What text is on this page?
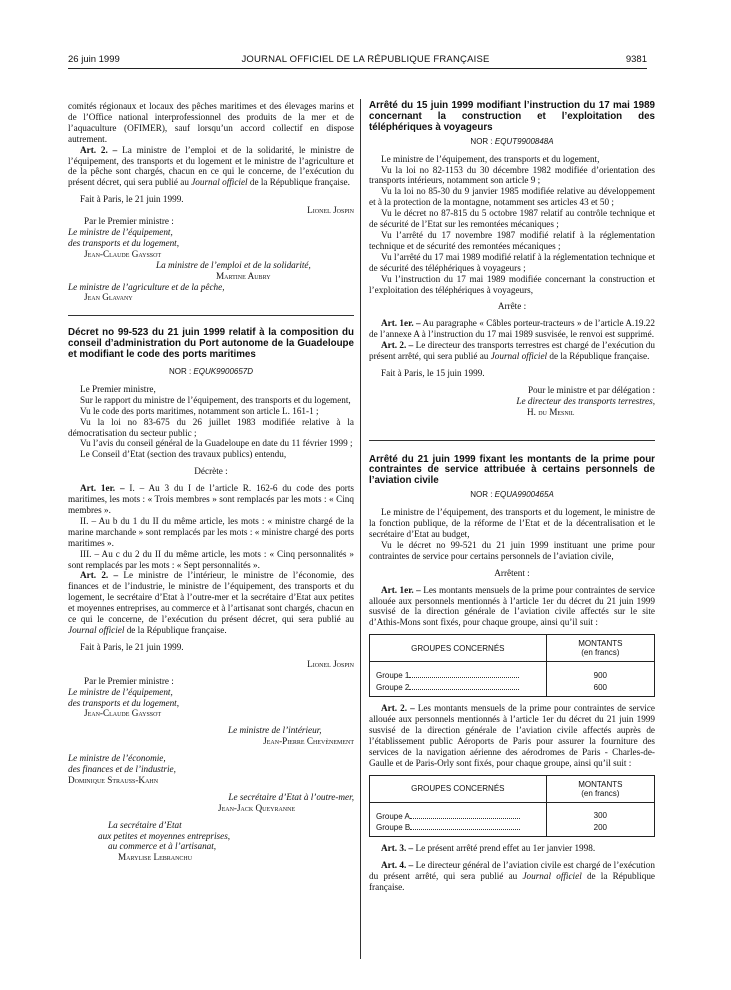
26 juin 1999	JOURNAL OFFICIEL DE LA RÉPUBLIQUE FRANÇAISE	9381

comités régionaux et locaux des pêches maritimes et des élevages marins et de l’Office national interprofessionnel des produits de la mer et de l’aquaculture (OFIMER), sauf lorsqu’un accord collectif en dispose autrement.

Art. 2. – La ministre de l’emploi et de la solidarité, le ministre de l’équipement, des transports et du logement et le ministre de l’agriculture et de la pêche sont chargés, chacun en ce qui le concerne, de l’exécution du présent décret, qui sera publié au Journal officiel de la République française.

Fait à Paris, le 21 juin 1999.

Lionel Jospin

Par le Premier ministre :

Le ministre de l’équipement,

des transports et du logement,

Jean-Claude Gayssot

La ministre de l’emploi et de la solidarité,

Martine Aubry

Le ministre de l’agriculture et de la pêche,

Jean Glavany

Décret no 99-523 du 21 juin 1999 relatif à la composition du conseil d’administration du Port autonome de la Guadeloupe et modifiant le code des ports maritimes

NOR : EQUK9900657D

Le Premier ministre,

Sur le rapport du ministre de l’équipement, des transports et du logement,

Vu le code des ports maritimes, notamment son article L. 161-1 ;

Vu la loi no 83-675 du 26 juillet 1983 modifiée relative à la démocratisation du secteur public ;

Vu l’avis du conseil général de la Guadeloupe en date du 11 février 1999 ;

Le Conseil d’Etat (section des travaux publics) entendu,

Décrète :

Art. 1er. – I. – Au 3 du I de l’article R. 162-6 du code des ports maritimes, les mots : « Trois membres » sont remplacés par les mots : « Cinq membres ».

II. – Au b du 1 du II du même article, les mots : « ministre chargé de la marine marchande » sont remplacés par les mots : « ministre chargé des ports maritimes ».

III. – Au c du 2 du II du même article, les mots : « Cinq personnalités » sont remplacés par les mots : « Sept personnalités ».

Art. 2. – Le ministre de l’intérieur, le ministre de l’économie, des finances et de l’industrie, le ministre de l’équipement, des transports et du logement, le secrétaire d’Etat à l’outre-mer et la secrétaire d’Etat aux petites et moyennes entreprises, au commerce et à l’artisanat sont chargés, chacun en ce qui le concerne, de l’exécution du présent décret, qui sera publié au Journal officiel de la République française.

Fait à Paris, le 21 juin 1999.

Lionel Jospin

Par le Premier ministre :

Le ministre de l’équipement,

des transports et du logement,

Jean-Claude Gayssot

Le ministre de l’intérieur,

Jean-Pierre Chevènement

Le ministre de l’économie,

des finances et de l’industrie,

Dominique Strauss-Kahn

Le secrétaire d’Etat à l’outre-mer,

Jean-Jack Queyranne

La secrétaire d’Etat

aux petites et moyennes entreprises,

au commerce et à l’artisanat,

Marylise Lebranchu

Arrêté du 15 juin 1999 modifiant l’instruction du 17 mai 1989 concernant la construction et l’exploitation des téléphériques à voyageurs

NOR : EQUT9900848A

Le ministre de l’équipement, des transports et du logement,

Vu la loi no 82-1153 du 30 décembre 1982 modifiée d’orientation des transports intérieurs, notamment son article 9 ;

Vu la loi no 85-30 du 9 janvier 1985 modifiée relative au développement et à la protection de la montagne, notamment ses articles 43 et 50 ;

Vu le décret no 87-815 du 5 octobre 1987 relatif au contrôle technique et de sécurité de l’Etat sur les remontées mécaniques ;

Vu l’arrêté du 17 novembre 1987 modifié relatif à la réglementation technique et de sécurité des remontées mécaniques ;

Vu l’arrêté du 17 mai 1989 modifié relatif à la réglementation technique et de sécurité des téléphériques à voyageurs ;

Vu l’instruction du 17 mai 1989 modifiée concernant la construction et l’exploitation des téléphériques à voyageurs,

Arrête :

Art. 1er. – Au paragraphe « Câbles porteur-tracteurs » de l’article A.19.22 de l’annexe A à l’instruction du 17 mai 1989 susvisée, le renvoi est supprimé.

Art. 2. – Le directeur des transports terrestres est chargé de l’exécution du présent arrêté, qui sera publié au Journal officiel de la République française.

Fait à Paris, le 15 juin 1999.

Pour le ministre et par délégation :

Le directeur des transports terrestres,

H. du Mesnil

Arrêté du 21 juin 1999 fixant les montants de la prime pour contraintes de service attribuée à certains personnels de l’aviation civile

NOR : EQUA9900465A

Le ministre de l’équipement, des transports et du logement, le ministre de la fonction publique, de la réforme de l’Etat et de la décentralisation et le secrétaire d’Etat au budget,

Vu le décret no 99-521 du 21 juin 1999 instituant une prime pour contraintes de service pour certains personnels de l’aviation civile,

Arrêtent :

Art. 1er. – Les montants mensuels de la prime pour contraintes de service allouée aux personnels mentionnés à l’article 1er du décret du 21 juin 1999 susvisé de la direction générale de l’aviation civile affectés sur le site d’Athis-Mons sont fixés, pour chaque groupe, ainsi qu’il suit :

GROUPES CONCERNÉS	MONTANTS
(en francs)

Groupe 1	900
Groupe 2	600

Art. 2. – Les montants mensuels de la prime pour contraintes de service allouée aux personnels mentionnés à l’article 1er du décret du 21 juin 1999 susvisé de la direction générale de l’aviation civile affectés auprès de l’établissement public Aéroports de Paris pour assurer la fourniture des services de la navigation aérienne des aérodromes de Paris - Charles-de-Gaulle et de Paris-Orly sont fixés, pour chaque groupe, ainsi qu’il suit :

GROUPES CONCERNÉS	MONTANTS
(en francs)

Groupe A	300
Groupe B	200

Art. 3. – Le présent arrêté prend effet au 1er janvier 1998.

Art. 4. – Le directeur général de l’aviation civile est chargé de l’exécution du présent arrêté, qui sera publié au Journal officiel de la République française.
